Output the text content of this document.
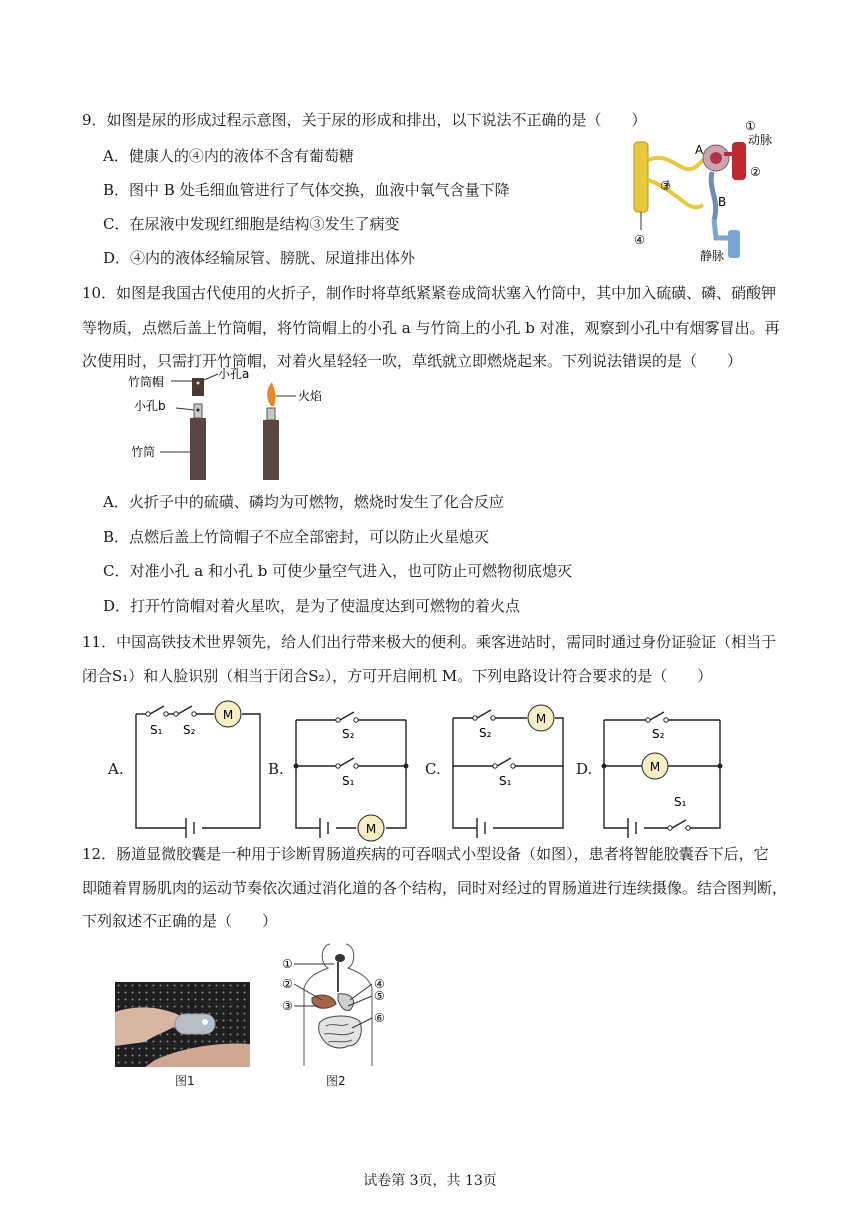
9．如图是尿的形成过程示意图，关于尿的形成和排出，以下说法不正确的是（　　）
A．健康人的④内的液体不含有葡萄糖
B．图中 B 处毛细血管进行了气体交换，血液中氧气含量下降
C．在尿液中发现红细胞是结构③发生了病变
D．④内的液体经输尿管、膀胱、尿道排出体外
①
动脉
A
②
③
B
④
静脉
10．如图是我国古代使用的火折子，制作时将草纸紧紧卷成筒状塞入竹筒中，其中加入硫磺、磷、硝酸钾
等物质，点燃后盖上竹筒帽，将竹筒帽上的小孔 a 与竹筒上的小孔 b 对准，观察到小孔中有烟雾冒出。再
次使用时，只需打开竹筒帽，对着火星轻轻一吹，草纸就立即燃烧起来。下列说法错误的是（　　）
竹筒帽
小孔a
小孔b
竹筒
火焰
A．火折子中的硫磺、磷均为可燃物，燃烧时发生了化合反应
B．点燃后盖上竹筒帽子不应全部密封，可以防止火星熄灭
C．对准小孔 a 和小孔 b 可使少量空气进入，也可防止可燃物彻底熄灭
D．打开竹筒帽对着火星吹，是为了使温度达到可燃物的着火点
11．中国高铁技术世界领先，给人们出行带来极大的便利。乘客进站时，需同时通过身份证验证（相当于
闭合S₁）和人脸识别（相当于闭合S₂），方可开启闸机 M。下列电路设计符合要求的是（　　）
A.
M
S₁ S₂
B.
M
S₂
S₁
C.
M
S₂
S₁
D.	M
S₂
S₁
12．肠道显微胶囊是一种用于诊断胃肠道疾病的可吞咽式小型设备（如图），患者将智能胶囊吞下后，它
即随着胃肠肌肉的运动节奏依次通过消化道的各个结构，同时对经过的胃肠道进行连续摄像。结合图判断，
下列叙述不正确的是（　　）
图1
①
②
③
④
⑤
⑥
图2
试卷第 3页，共 13页
